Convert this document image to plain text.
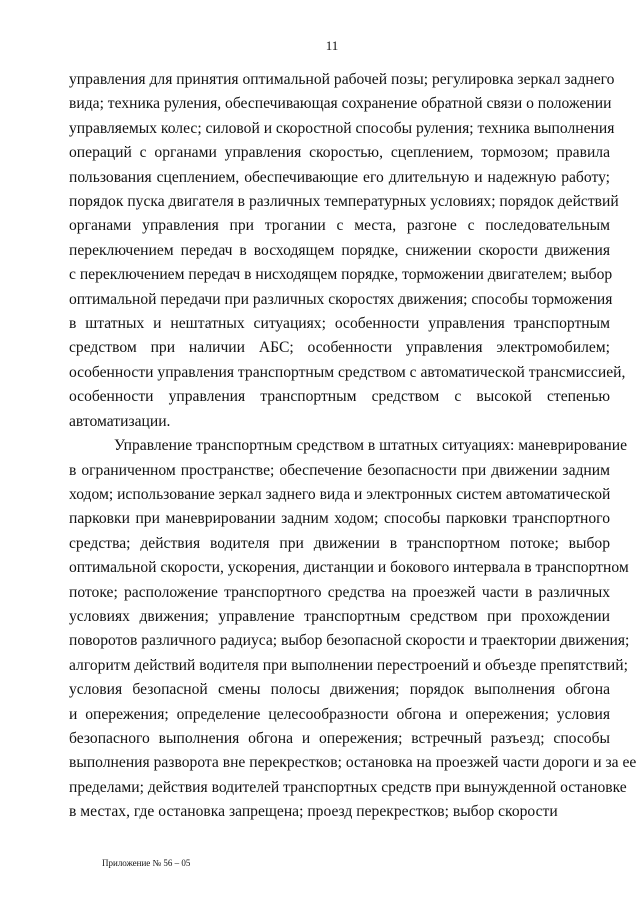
11
управления для принятия оптимальной рабочей позы; регулировка зеркал заднего
вида; техника руления, обеспечивающая сохранение обратной связи о положении
управляемых колес; силовой и скоростной способы руления; техника выполнения
операций с органами управления скоростью, сцеплением, тормозом; правила
пользования сцеплением, обеспечивающие его длительную и надежную работу;
порядок пуска двигателя в различных температурных условиях; порядок действий
органами управления при трогании с места, разгоне с последовательным
переключением передач в восходящем порядке, снижении скорости движения
с переключением передач в нисходящем порядке, торможении двигателем; выбор
оптимальной передачи при различных скоростях движения; способы торможения
в штатных и нештатных ситуациях; особенности управления транспортным
средством при наличии АБС; особенности управления электромобилем;
особенности управления транспортным средством с автоматической трансмиссией,
особенности управления транспортным средством с высокой степенью
автоматизации.
Управление транспортным средством в штатных ситуациях: маневрирование
в ограниченном пространстве; обеспечение безопасности при движении задним
ходом; использование зеркал заднего вида и электронных систем автоматической
парковки при маневрировании задним ходом; способы парковки транспортного
средства; действия водителя при движении в транспортном потоке; выбор
оптимальной скорости, ускорения, дистанции и бокового интервала в транспортном
потоке; расположение транспортного средства на проезжей части в различных
условиях движения; управление транспортным средством при прохождении
поворотов различного радиуса; выбор безопасной скорости и траектории движения;
алгоритм действий водителя при выполнении перестроений и объезде препятствий;
условия безопасной смены полосы движения; порядок выполнения обгона
и опережения; определение целесообразности обгона и опережения; условия
безопасного выполнения обгона и опережения; встречный разъезд; способы
выполнения разворота вне перекрестков; остановка на проезжей части дороги и за ее
пределами; действия водителей транспортных средств при вынужденной остановке
в местах, где остановка запрещена; проезд перекрестков; выбор скорости
Приложение № 56 – 05
